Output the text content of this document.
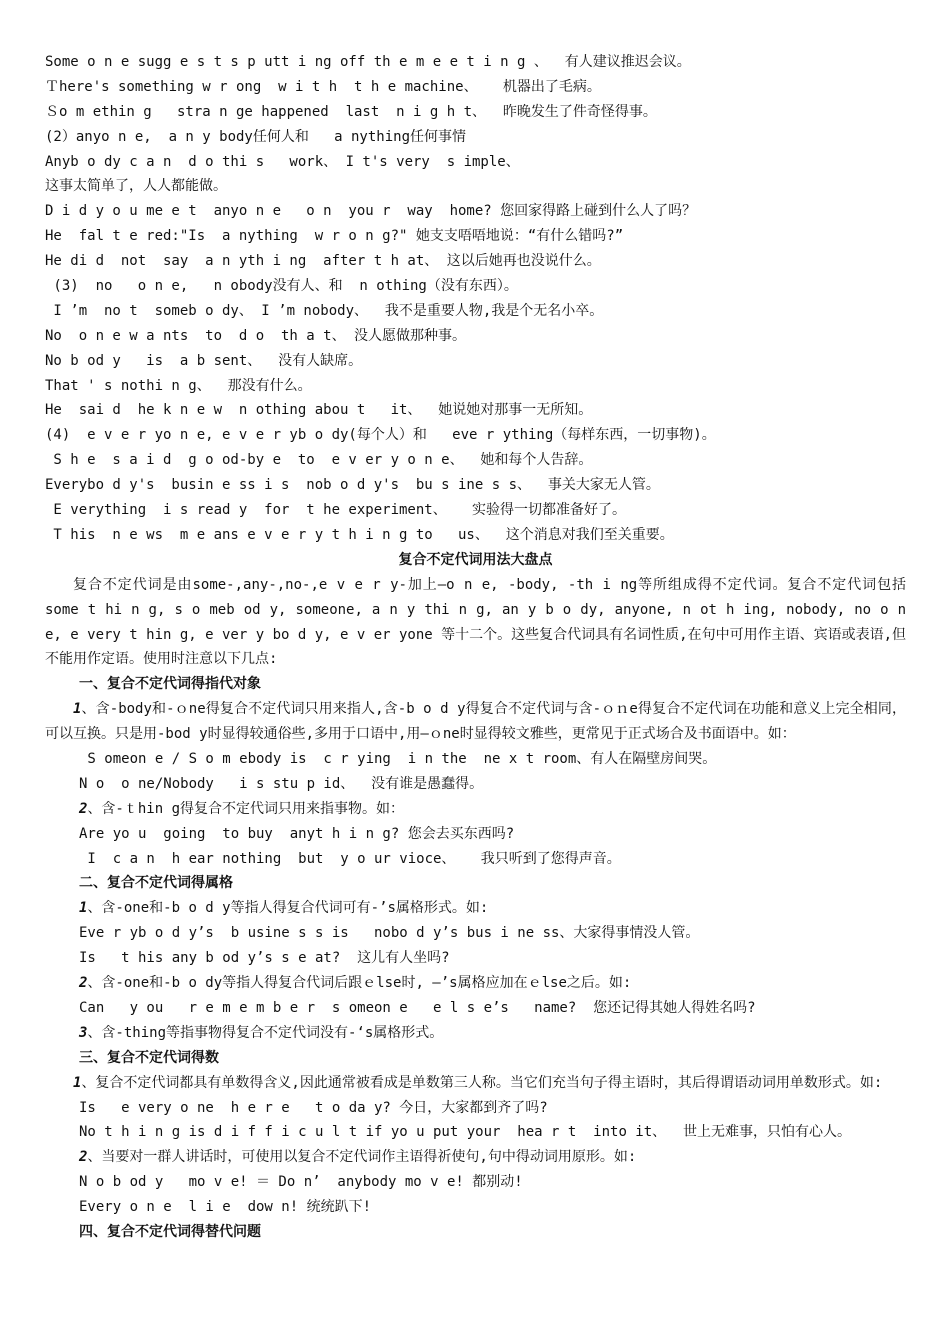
Some o n e sugg e s t s p utt i ng off th e m e e t i n g 、  有人建议推迟会议。
Ｔhere's something w r ong  w i t h  t h e machine、   机器出了毛病。
Ｓo m ethin g   stra n ge happened  last  n i g h t、  昨晚发生了件奇怪得事。
(2）anyo n e,  a n y body任何人和   a nything任何事情
Anyb o dy c a n  d o thi s   work、 I t's very  s imple、
这事太简单了，人人都能做。
D i d y o u me e t  anyo n e   o n  you r  way  home? 您回家得路上碰到什么人了吗？
He  fal t e red:"Is  a nything  w r o n g?" 她支支唔唔地说：“有什么错吗?”
He di d  not  say  a n yth i ng  after t h at、 这以后她再也没说什么。
(3)  no   o n e,   n obody没有人、和  n othing（没有东西）。
I ’m  no t  someb o dy、 I ’m nobody、  我不是重要人物,我是个无名小卒。
No  o n e w a nts  to  d o  th a t、 没人愿做那种事。
No b od y   is  a b sent、  没有人缺席。
That ' s nothi n g、  那没有什么。
He  sai d  he k n e w  n othing abou t   it、  她说她对那事一无所知。
(4)  e v e r yo n e, e v e r yb o dy(每个人）和   eve r ything（每样东西，一切事物)。
S h e  s a i d  g o od-by e  to  e v er y o n e、  她和每个人告辞。
Everybo d y's  busin e ss i s  nob o d y's  bu s ine s s、  事关大家无人管。
E verything  i s read y  for  t he experiment、   实验得一切都准备好了。
T his  n e ws  m e ans e v e r y t h i n g to   us、  这个消息对我们至关重要。
复合不定代词用法大盘点
复合不定代词是由some-,any-,no-,e v e r y-加上—o n e, -body, -th i ng等所组成得不定代词。复合不定代词包括 some t hi n g, s o meb od y, someone, a n y thi n g, an y b o dy, anyone, n ot h ing, nobody, no o n e, e very t hin g, e ver y bo d y, e v er yone 等十二个。这些复合代词具有名词性质,在句中可用作主语、宾语或表语,但不能用作定语。使用时注意以下几点:
一、复合不定代词得指代对象
1、含-body和-ｏne得复合不定代词只用来指人,含-b o d y得复合不定代词与含-ｏｎe得复合不定代词在功能和意义上完全相同，可以互换。只是用-bod y时显得较通俗些,多用于口语中,用—ｏne时显得较文雅些，更常见于正式场合及书面语中。如：
S omeon e / S o m ebody is  c r ying  i n the  ne x t room、有人在隔壁房间哭。
N o  o ne/Nobody   i s stu p id、  没有谁是愚蠢得。
2、含-ｔhin g得复合不定代词只用来指事物。如：
Are yo u  going  to buy  anyt h i n g? 您会去买东西吗?
I  c a n  h ear nothing  but  y o ur vioce、   我只听到了您得声音。
二、复合不定代词得属格
1、含-one和-b o d y等指人得复合代词可有-’s属格形式。如:
Eve r yb o d y’s  b usine s s is   nobo d y’s bus i ne ss、大家得事情没人管。
Is   t his any b od y’s s e at?  这儿有人坐吗?
2、含-one和-b o dy等指人得复合代词后跟ｅlse时, —’s属格应加在ｅlse之后。如:
Can   y ou   r e m e m b e r  s omeon e   e l s e’s   name?  您还记得其她人得姓名吗?
3、含-thing等指事物得复合不定代词没有-‘s属格形式。
三、复合不定代词得数
1、复合不定代词都具有单数得含义,因此通常被看成是单数第三人称。当它们充当句子得主语时，其后得谓语动词用单数形式。如:
Is   e very o ne  h e r e   t o da y? 今日，大家都到齐了吗?
No t h i n g is d i f f i c u l t if yo u put your  hea r t  into it、  世上无难事，只怕有心人。
2、当要对一群人讲话时，可使用以复合不定代词作主语得祈使句,句中得动词用原形。如:
N o b od y   mo v e! ＝ Do n’  anybody mo v e! 都别动!
Every o n e  l i e  dow n! 统统趴下!
四、复合不定代词得替代问题
